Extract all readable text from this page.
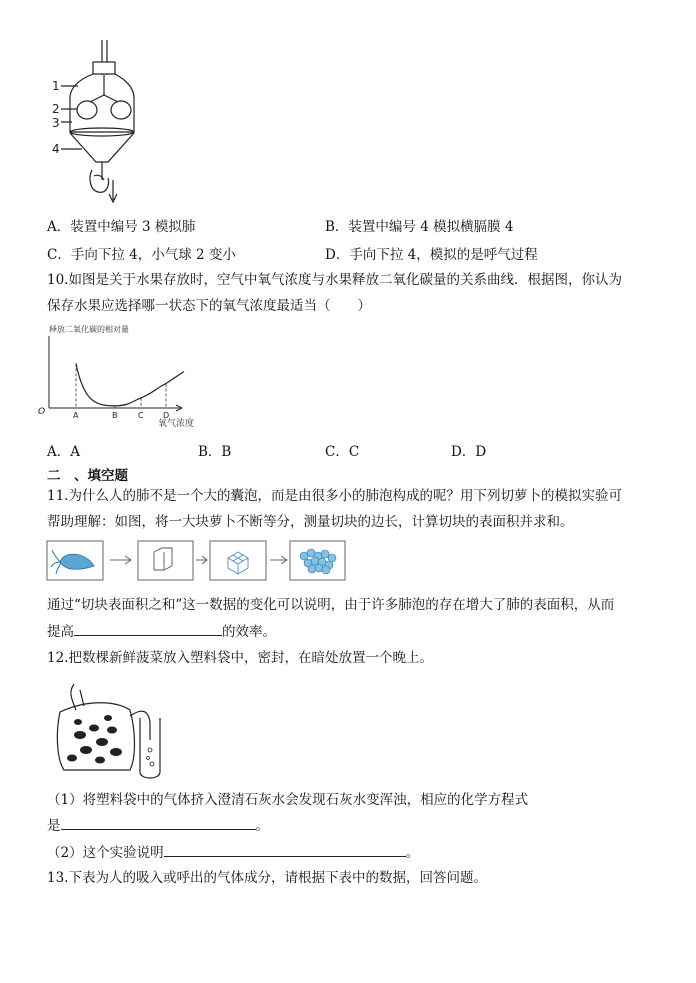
1
2
3
4
A．装置中编号 3 模拟肺	B．装置中编号 4 模拟横膈膜 4
C．手向下拉 4，小气球 2 变小	D．手向下拉 4，模拟的是呼气过程
10.如图是关于水果存放时，空气中氧气浓度与水果释放二氧化碳量的关系曲线．根据图，你认为
保存水果应选择哪一状态下的氧气浓度最适当（　　）
释放二氧化碳的相对量
O	A	B	C D
氧气浓度
A．A	B．B	C．C	D．D
二　、填空题
11.为什么人的肺不是一个大的囊泡，而是由很多小的肺泡构成的呢？用下列切萝卜的模拟实验可
帮助理解：如图，将一大块萝卜不断等分，测量切块的边长，计算切块的表面积并求和。
通过“切块表面积之和”这一数据的变化可以说明，由于许多肺泡的存在增大了肺的表面积，从而
提高	的效率。
12.把数棵新鲜菠菜放入塑料袋中，密封，在暗处放置一个晚上。
（1）将塑料袋中的气体挤入澄清石灰水会发现石灰水变浑浊，相应的化学方程式
是	。
（2）这个实验说明	。
13.下表为人的吸入或呼出的气体成分，请根据下表中的数据，回答问题。
